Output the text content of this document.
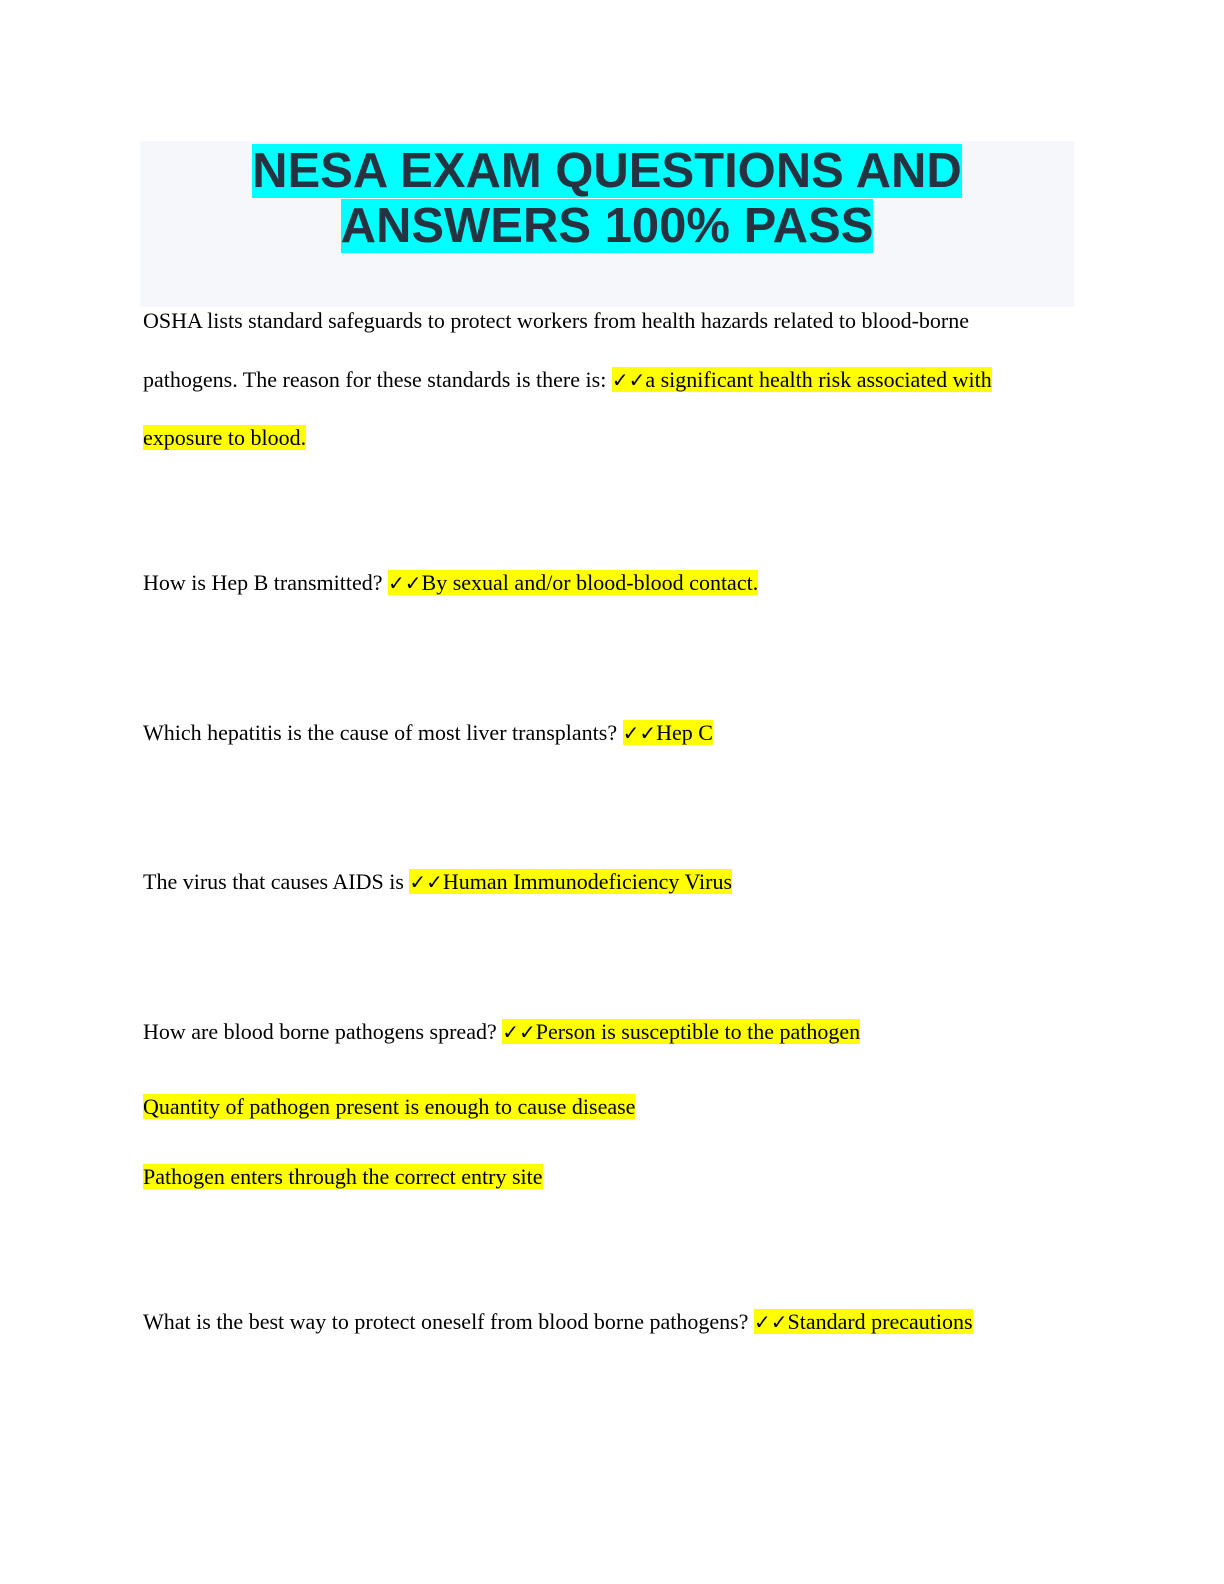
NESA EXAM QUESTIONS AND
ANSWERS 100% PASS
OSHA lists standard safeguards to protect workers from health hazards related to blood-borne
pathogens. The reason for these standards is there is: ✓✓a significant health risk associated with
exposure to blood.
How is Hep B transmitted? ✓✓By sexual and/or blood-blood contact.
Which hepatitis is the cause of most liver transplants? ✓✓Hep C
The virus that causes AIDS is ✓✓Human Immunodeficiency Virus
How are blood borne pathogens spread? ✓✓Person is susceptible to the pathogen
Quantity of pathogen present is enough to cause disease
Pathogen enters through the correct entry site
What is the best way to protect oneself from blood borne pathogens? ✓✓Standard precautions
